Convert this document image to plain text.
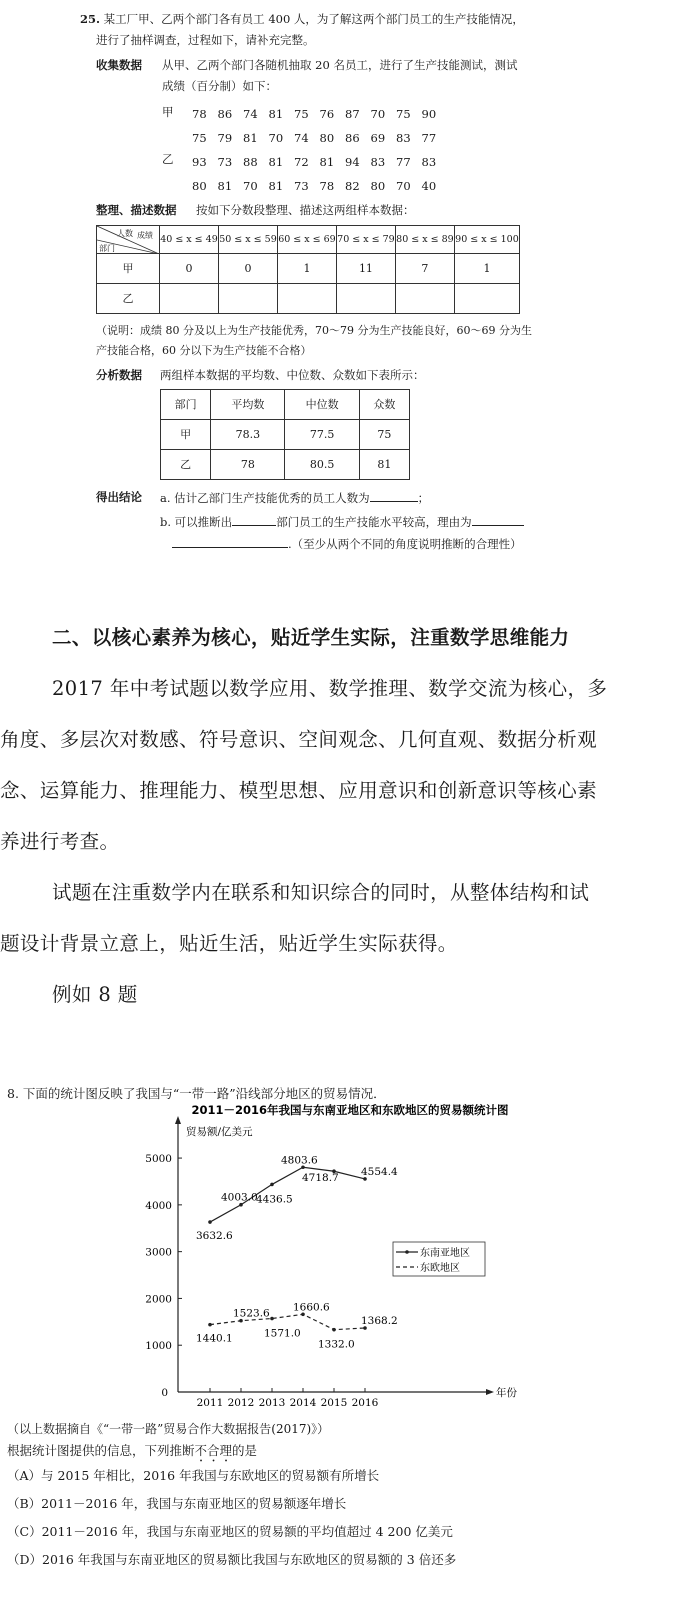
25. 某工厂甲、乙两个部门各有员工 400 人，为了解这两个部门员工的生产技能情况，
进行了抽样调查，过程如下，请补充完整。
收集数据 从甲、乙两个部门各随机抽取 20 名员工，进行了生产技能测试，测试
成绩（百分制）如下：
甲 78 86 74 81 75 76 87 70 75 90
75 79 81 70 74 80 86 69 83 77
乙 93 73 88 81 72 81 94 83 77 83
80 81 70 81 73 78 82 80 70 40
整理、描述数据 按如下分数段整理、描述这两组样本数据：
人数 成绩
部门	40 ≤ x ≤ 49	50 ≤ x ≤ 59	60 ≤ x ≤ 69	70 ≤ x ≤ 79	80 ≤ x ≤ 89	90 ≤ x ≤ 100
甲	0	0	1	11	7	1
乙						
（说明：成绩 80 分及以上为生产技能优秀，70～79 分为生产技能良好，60～69 分为生
产技能合格，60 分以下为生产技能不合格）
分析数据 两组样本数据的平均数、中位数、众数如下表所示：
部门	平均数	中位数	众数
甲	78.3	77.5	75
乙	78	80.5	81
得出结论 a. 估计乙部门生产技能优秀的员工人数为	；
b. 可以推断出	部门员工的生产技能水平较高，理由为
.（至少从两个不同的角度说明推断的合理性）
二、以核心素养为核心，贴近学生实际，注重数学思维能力
2017 年中考试题以数学应用、数学推理、数学交流为核心，多
角度、多层次对数感、符号意识、空间观念、几何直观、数据分析观
念、运算能力、推理能力、模型思想、应用意识和创新意识等核心素
养进行考查。
试题在注重数学内在联系和知识综合的同时，从整体结构和试
题设计背景立意上，贴近生活，贴近学生实际获得。
例如 8 题
8. 下面的统计图反映了我国与“一带一路”沿线部分地区的贸易情况．
2011－2016年我国与东南亚地区和东欧地区的贸易额统计图
贸易额/亿美元
年份
0
1000
2000
3000
4000
5000
2011 2012 2013 2014 2015 2016
3632.6
4003.0
4436.5
4803.6
4718.7
4554.4
1440.1
1523.6
1571.0
1660.6
1332.0
1368.2
东南亚地区
东欧地区
（以上数据摘自《“一带一路”贸易合作大数据报告(2017)》）
根据统计图提供的信息，下列推断不合理的是
（A）与 2015 年相比，2016 年我国与东欧地区的贸易额有所增长
（B）2011－2016 年，我国与东南亚地区的贸易额逐年增长
（C）2011－2016 年，我国与东南亚地区的贸易额的平均值超过 4 200 亿美元
（D）2016 年我国与东南亚地区的贸易额比我国与东欧地区的贸易额的 3 倍还多
